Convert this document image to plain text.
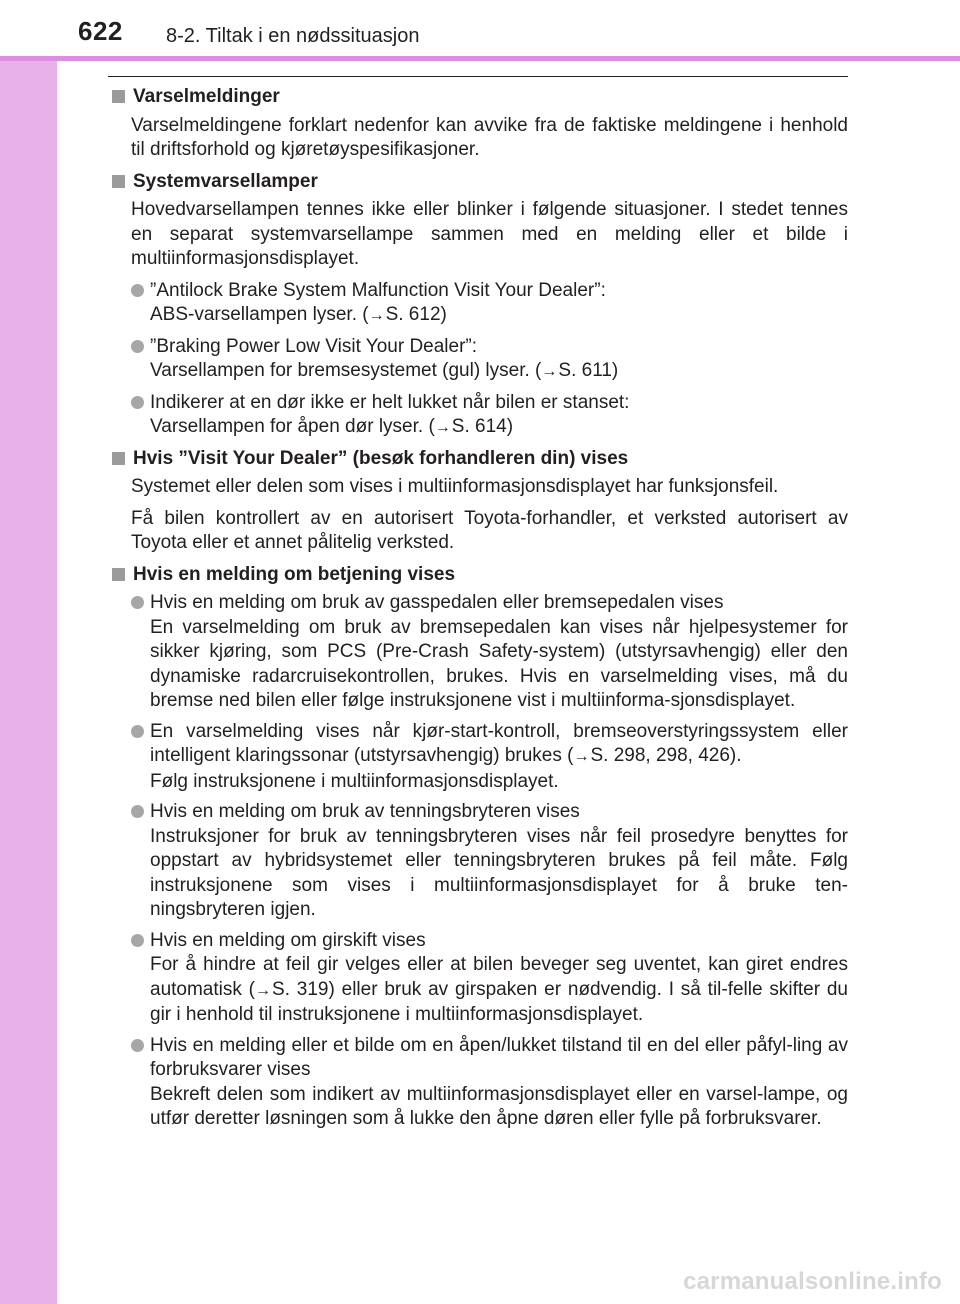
622 8-2. Tiltak i en nødssituasjon
Varselmeldinger
Varselmeldingene forklart nedenfor kan avvike fra de faktiske meldingene i henhold til driftsforhold og kjøretøyspesifikasjoner.
Systemvarsellamper
Hovedvarsellampen tennes ikke eller blinker i følgende situasjoner. I stedet tennes en separat systemvarsellampe sammen med en melding eller et bilde i multiinformasjonsdisplayet.
”Antilock Brake System Malfunction Visit Your Dealer”:
ABS-varsellampen lyser. (→S. 612)
”Braking Power Low Visit Your Dealer”:
Varsellampen for bremsesystemet (gul) lyser. (→S. 611)
Indikerer at en dør ikke er helt lukket når bilen er stanset:
Varsellampen for åpen dør lyser. (→S. 614)
Hvis ”Visit Your Dealer” (besøk forhandleren din) vises
Systemet eller delen som vises i multiinformasjonsdisplayet har funksjonsfeil.
Få bilen kontrollert av en autorisert Toyota-forhandler, et verksted autorisert av Toyota eller et annet pålitelig verksted.
Hvis en melding om betjening vises
Hvis en melding om bruk av gasspedalen eller bremsepedalen vises
En varselmelding om bruk av bremsepedalen kan vises når hjelpesystemer for sikker kjøring, som PCS (Pre-Crash Safety-system) (utstyrsavhengig) eller den dynamiske radarcruisekontrollen, brukes. Hvis en varselmelding vises, må du bremse ned bilen eller følge instruksjonene vist i multiinforma-sjonsdisplayet.
En varselmelding vises når kjør-start-kontroll, bremseoverstyringssystem eller intelligent klaringssonar (utstyrsavhengig) brukes (→S. 298, 298, 426).
Følg instruksjonene i multiinformasjonsdisplayet.
Hvis en melding om bruk av tenningsbryteren vises
Instruksjoner for bruk av tenningsbryteren vises når feil prosedyre benyttes for oppstart av hybridsystemet eller tenningsbryteren brukes på feil måte. Følg instruksjonene som vises i multiinformasjonsdisplayet for å bruke ten-ningsbryteren igjen.
Hvis en melding om girskift vises
For å hindre at feil gir velges eller at bilen beveger seg uventet, kan giret endres automatisk (→S. 319) eller bruk av girspaken er nødvendig. I så til-felle skifter du gir i henhold til instruksjonene i multiinformasjonsdisplayet.
Hvis en melding eller et bilde om en åpen/lukket tilstand til en del eller påfyl-ling av forbruksvarer vises
Bekreft delen som indikert av multiinformasjonsdisplayet eller en varsel-lampe, og utfør deretter løsningen som å lukke den åpne døren eller fylle på forbruksvarer.
carmanualsonline.info
